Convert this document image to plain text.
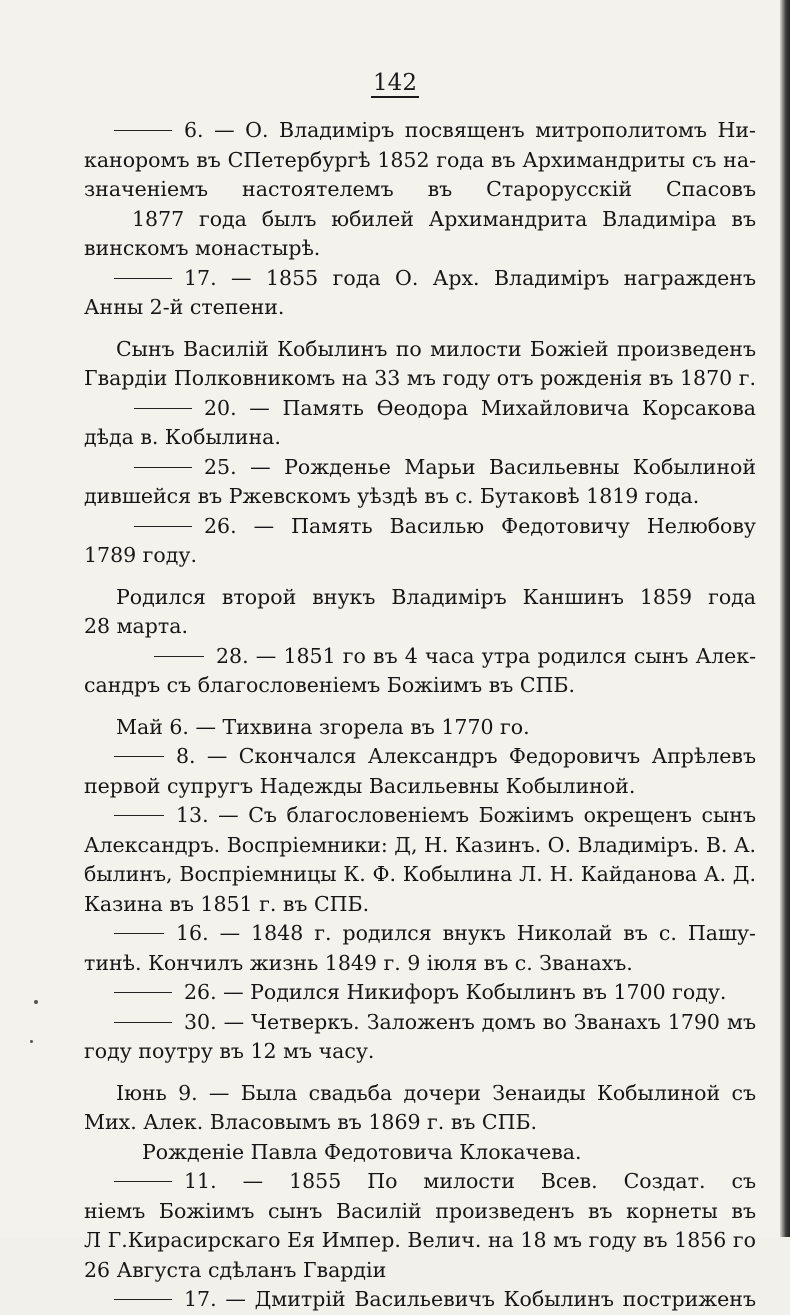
142
6. — О. Владиміръ посвященъ митрополитомъ Ни-
каноромъ въ СПетербургѣ 1852 года въ Архимандриты съ на-
значеніемъ настоятелемъ въ Старорусскій Спасовъ
1877 года былъ юбилей Архимандрита Владиміра въ
винскомъ монастырѣ.
17. — 1855 года О. Арх. Владиміръ награжденъ
Анны 2-й степени.
Сынъ Василій Кобылинъ по милости Божіей произведенъ
Гвардіи Полковникомъ на 33 мъ году отъ рожденія въ 1870 г.
20. — Память Ѳеодора Михайловича Корсакова
дѣда в. Кобылина.
25. — Рожденье Марьи Васильевны Кобылиной
дившейся въ Ржевскомъ уѣздѣ въ с. Бутаковѣ 1819 года.
26. — Память Василью Федотовичу Нелюбову
1789 году.
Родился второй внукъ Владиміръ Каншинъ 1859 года
28 марта.
28. — 1851 го въ 4 часа утра родился сынъ Алек-
сандръ съ благословеніемъ Божіимъ въ СПБ.
Май 6. — Тихвина згорела въ 1770 го.
8. — Скончался Александръ Федоровичъ Апрѣлевъ
первой супругъ Надежды Васильевны Кобылиной.
13. — Съ благословеніемъ Божіимъ окрещенъ сынъ
Александръ. Воспріемники: Д, Н. Казинъ. О. Владиміръ. В. А.
былинъ, Воспріемницы К. Ф. Кобылина Л. Н. Кайданова А. Д.
Казина въ 1851 г. въ СПБ.
16. — 1848 г. родился внукъ Николай въ с. Пашу-
тинѣ. Кончилъ жизнь 1849 г. 9 іюля въ с. Званахъ.
26. — Родился Никифоръ Кобылинъ въ 1700 году.
30. — Четверкъ. Заложенъ домъ во Званахъ 1790 мъ
году поутру въ 12 мъ часу.
Іюнь 9. — Была свадьба дочери Зенаиды Кобылиной съ
Мих. Алек. Власовымъ въ 1869 г. въ СПБ.
Рожденіе Павла Федотовича Клокачева.
11. — 1855 По милости Всев. Создат. съ
ніемъ Божіимъ сынъ Василій произведенъ въ корнеты въ
Л Г.Кирасирскаго Ея Импер. Велич. на 18 мъ году въ 1856 го
26 Августа сдѣланъ Гвардіи
17. — Дмитрій Васильевичъ Кобылинъ постриженъ
